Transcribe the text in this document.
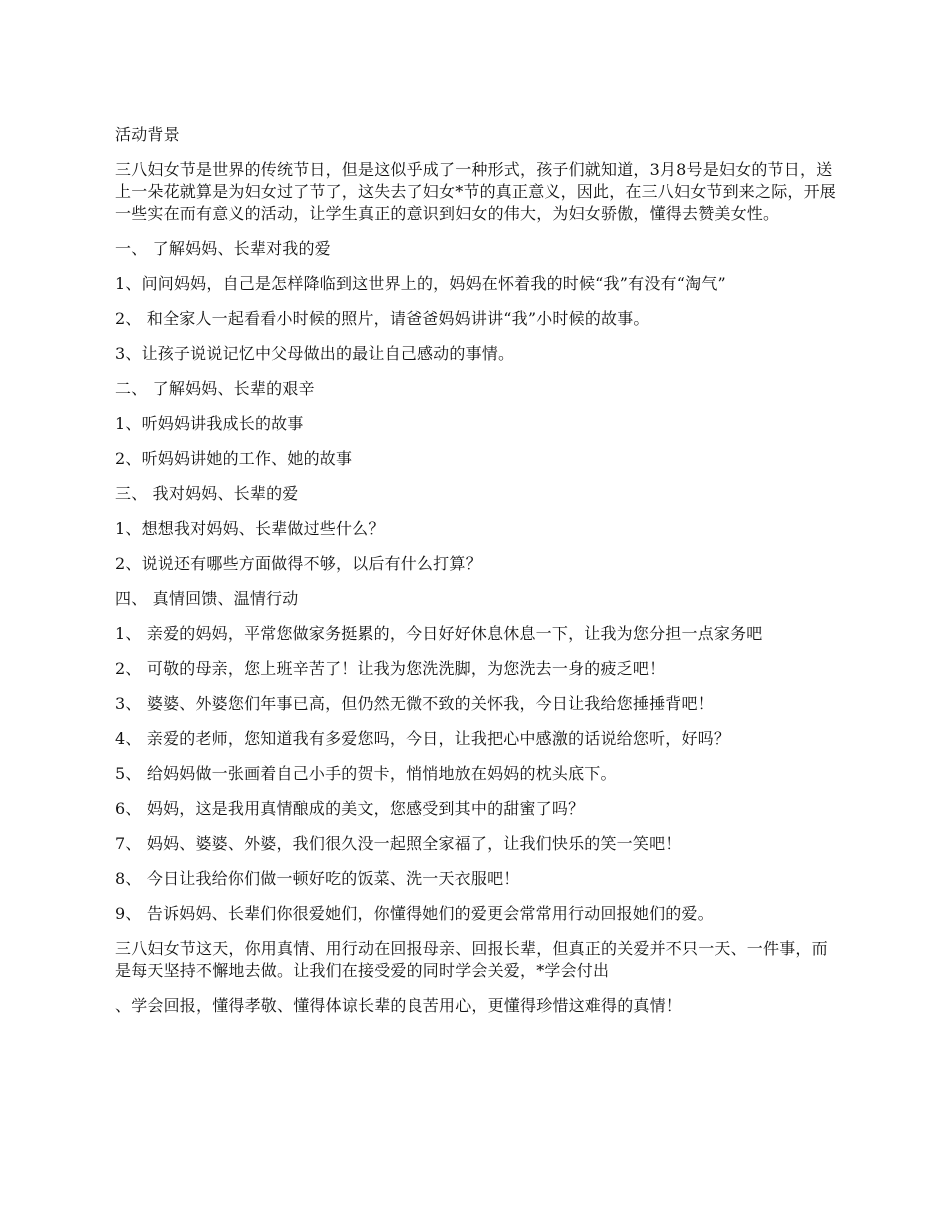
活动背景

三八妇女节是世界的传统节日，但是这似乎成了一种形式，孩子们就知道，3月8号是妇女的节日，送上一朵花就算是为妇女过了节了，这失去了妇女*节的真正意义，因此，在三八妇女节到来之际，开展一些实在而有意义的活动，让学生真正的意识到妇女的伟大，为妇女骄傲，懂得去赞美女性。

一、 了解妈妈、长辈对我的爱

1、问问妈妈，自己是怎样降临到这世界上的，妈妈在怀着我的时候“我”有没有“淘气”

2、 和全家人一起看看小时候的照片，请爸爸妈妈讲讲“我”小时候的故事。

3、让孩子说说记忆中父母做出的最让自己感动的事情。

二、 了解妈妈、长辈的艰辛

1、听妈妈讲我成长的故事

2、听妈妈讲她的工作、她的故事

三、 我对妈妈、长辈的爱

1、想想我对妈妈、长辈做过些什么？

2、说说还有哪些方面做得不够，以后有什么打算？

四、 真情回馈、温情行动

1、 亲爱的妈妈，平常您做家务挺累的，今日好好休息休息一下，让我为您分担一点家务吧

2、 可敬的母亲，您上班辛苦了！让我为您洗洗脚，为您洗去一身的疲乏吧！

3、 婆婆、外婆您们年事已高，但仍然无微不致的关怀我，今日让我给您捶捶背吧！

4、 亲爱的老师，您知道我有多爱您吗，今日，让我把心中感激的话说给您听，好吗？

5、 给妈妈做一张画着自己小手的贺卡，悄悄地放在妈妈的枕头底下。

6、 妈妈，这是我用真情酿成的美文，您感受到其中的甜蜜了吗？

7、 妈妈、婆婆、外婆，我们很久没一起照全家福了，让我们快乐的笑一笑吧！

8、 今日让我给你们做一顿好吃的饭菜、洗一天衣服吧！

9、 告诉妈妈、长辈们你很爱她们，你懂得她们的爱更会常常用行动回报她们的爱。

三八妇女节这天，你用真情、用行动在回报母亲、回报长辈，但真正的关爱并不只一天、一件事，而是每天坚持不懈地去做。让我们在接受爱的同时学会关爱，*学会付出

、学会回报，懂得孝敬、懂得体谅长辈的良苦用心，更懂得珍惜这难得的真情！
